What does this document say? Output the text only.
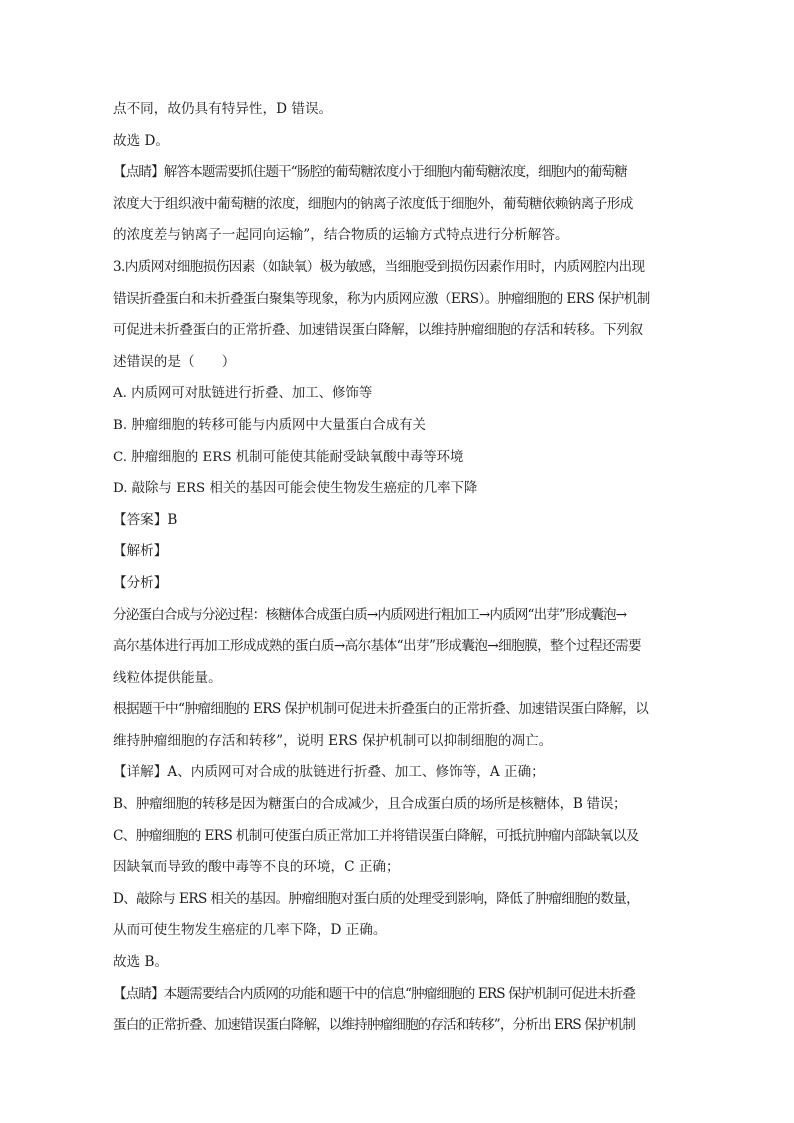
点不同，故仍具有特异性，D 错误。
故选 D。
【点睛】解答本题需要抓住题干“肠腔的葡萄糖浓度小于细胞内葡萄糖浓度，细胞内的葡萄糖
浓度大于组织液中葡萄糖的浓度，细胞内的钠离子浓度低于细胞外，葡萄糖依赖钠离子形成
的浓度差与钠离子一起同向运输”，结合物质的运输方式特点进行分析解答。
3.内质网对细胞损伤因素（如缺氧）极为敏感，当细胞受到损伤因素作用时，内质网腔内出现
错误折叠蛋白和未折叠蛋白聚集等现象，称为内质网应激（ERS）。肿瘤细胞的 ERS 保护机制
可促进未折叠蛋白的正常折叠、加速错误蛋白降解，以维持肿瘤细胞的存活和转移。下列叙
述错误的是（　　）
A. 内质网可对肽链进行折叠、加工、修饰等
B. 肿瘤细胞的转移可能与内质网中大量蛋白合成有关
C. 肿瘤细胞的 ERS 机制可能使其能耐受缺氧酸中毒等环境
D. 敲除与 ERS 相关的基因可能会使生物发生癌症的几率下降
【答案】B
【解析】
【分析】
分泌蛋白合成与分泌过程：核糖体合成蛋白质→内质网进行粗加工→内质网“出芽”形成囊泡→
高尔基体进行再加工形成成熟的蛋白质→高尔基体“出芽”形成囊泡→细胞膜，整个过程还需要
线粒体提供能量。
根据题干中“肿瘤细胞的 ERS 保护机制可促进未折叠蛋白的正常折叠、加速错误蛋白降解，以
维持肿瘤细胞的存活和转移”，说明 ERS 保护机制可以抑制细胞的凋亡。
【详解】A、内质网可对合成的肽链进行折叠、加工、修饰等，A 正确；
B、肿瘤细胞的转移是因为糖蛋白的合成减少，且合成蛋白质的场所是核糖体，B 错误；
C、肿瘤细胞的 ERS 机制可使蛋白质正常加工并将错误蛋白降解，可抵抗肿瘤内部缺氧以及
因缺氧而导致的酸中毒等不良的环境，C 正确；
D、敲除与 ERS 相关的基因。肿瘤细胞对蛋白质的处理受到影响，降低了肿瘤细胞的数量，
从而可使生物发生癌症的几率下降，D 正确。
故选 B。
【点睛】本题需要结合内质网的功能和题干中的信息“肿瘤细胞的 ERS 保护机制可促进未折叠
蛋白的正常折叠、加速错误蛋白降解，以维持肿瘤细胞的存活和转移”，分析出 ERS 保护机制
